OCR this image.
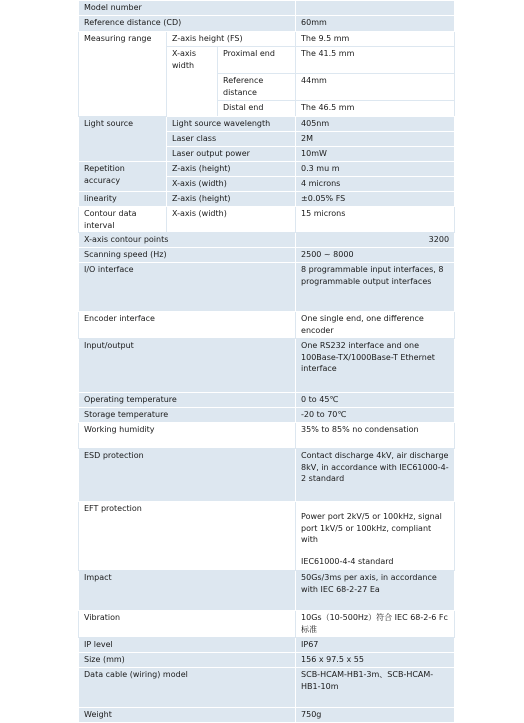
Model number			
Reference distance (CD)			60mm
Measuring range	Z-axis height (FS)		The 9.5 mm
	X-axis width	Proximal end	The 41.5 mm
		Reference distance	44mm
		Distal end	The 46.5 mm

Light source	Light source wavelength		405nm
	Laser class		2M
	Laser output power		10mW
Repetition accuracy	Z-axis (height)		0.3 mu m
	X-axis (width)		4 microns
linearity	Z-axis (height)		±0.05% FS
Contour data interval	X-axis (width)		15 microns
X-axis contour points			3200
Scanning speed (Hz)			2500 ~ 8000
I/O interface			8 programmable input interfaces, 8 programmable output interfaces
Encoder interface			One single end, one difference encoder
Input/output			One RS232 interface and one 100Base-TX/1000Base-T Ethernet interface
Operating temperature			0 to 45℃
Storage temperature			-20 to 70℃
Working humidity			35% to 85% no condensation
ESD protection			Contact discharge 4kV, air discharge 8kV, in accordance with IEC61000-4-2 standard
EFT protection			Power port 2kV/5 or 100kHz, signal port 1kV/5 or 100kHz, compliant with
IEC61000-4-4 standard

Impact			50Gs/3ms per axis, in accordance with IEC 68-2-27 Ea
Vibration			10Gs（10-500Hz）符合 IEC 68-2-6 Fc标准
IP level			IP67
Size (mm)			156 x 97.5 x 55
Data cable (wiring) model			SCB-HCAM-HB1-3m、SCB-HCAM-HB1-10m
Weight			750g
